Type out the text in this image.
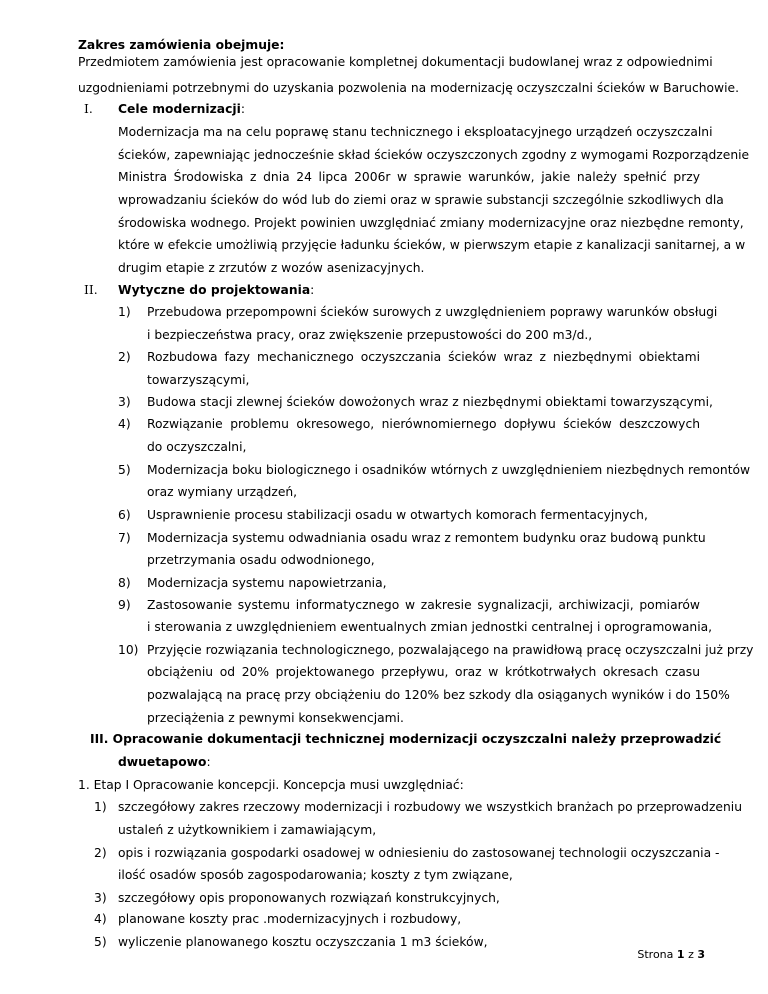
Zakres zamówienia obejmuje:
Przedmiotem zamówienia jest opracowanie kompletnej dokumentacji budowlanej wraz z odpowiednimi
uzgodnieniami potrzebnymi do uzyskania pozwolenia na modernizację oczyszczalni ścieków w Baruchowie.
I. Cele modernizacji:
Modernizacja ma na celu poprawę stanu technicznego i eksploatacyjnego urządzeń oczyszczalni
ścieków, zapewniając jednocześnie skład ścieków oczyszczonych zgodny z wymogami Rozporządzenie
Ministra Środowiska z dnia 24 lipca 2006r w sprawie warunków, jakie należy spełnić przy
wprowadzaniu ścieków do wód lub do ziemi oraz w sprawie substancji szczególnie szkodliwych dla
środowiska wodnego. Projekt powinien uwzględniać zmiany modernizacyjne oraz niezbędne remonty,
które w efekcie umożliwią przyjęcie ładunku ścieków, w pierwszym etapie z kanalizacji sanitarnej, a w
drugim etapie z zrzutów z wozów asenizacyjnych.
II. Wytyczne do projektowania:
1) Przebudowa przepompowni ścieków surowych z uwzględnieniem poprawy warunków obsługi
i bezpieczeństwa pracy, oraz zwiększenie przepustowości do 200 m3/d.,
2) Rozbudowa fazy mechanicznego oczyszczania ścieków wraz z niezbędnymi obiektami
towarzyszącymi,
3) Budowa stacji zlewnej ścieków dowożonych wraz z niezbędnymi obiektami towarzyszącymi,
4) Rozwiązanie problemu okresowego, nierównomiernego dopływu ścieków deszczowych
do oczyszczalni,
5) Modernizacja boku biologicznego i osadników wtórnych z uwzględnieniem niezbędnych remontów
oraz wymiany urządzeń,
6) Usprawnienie procesu stabilizacji osadu w otwartych komorach fermentacyjnych,
7) Modernizacja systemu odwadniania osadu wraz z remontem budynku oraz budową punktu
przetrzymania osadu odwodnionego,
8) Modernizacja systemu napowietrzania,
9) Zastosowanie systemu informatycznego w zakresie sygnalizacji, archiwizacji, pomiarów
i sterowania z uwzględnieniem ewentualnych zmian jednostki centralnej i oprogramowania,
10) Przyjęcie rozwiązania technologicznego, pozwalającego na prawidłową pracę oczyszczalni już przy
obciążeniu od 20% projektowanego przepływu, oraz w krótkotrwałych okresach czasu
pozwalającą na pracę przy obciążeniu do 120% bez szkody dla osiąganych wyników i do 150%
przeciążenia z pewnymi konsekwencjami.
III. Opracowanie dokumentacji technicznej modernizacji oczyszczalni należy przeprowadzić
dwuetapowo:
1. Etap I Opracowanie koncepcji. Koncepcja musi uwzględniać:
1) szczegółowy zakres rzeczowy modernizacji i rozbudowy we wszystkich branżach po przeprowadzeniu
ustaleń z użytkownikiem i zamawiającym,
2) opis i rozwiązania gospodarki osadowej w odniesieniu do zastosowanej technologii oczyszczania -
ilość osadów sposób zagospodarowania; koszty z tym związane,
3) szczegółowy opis proponowanych rozwiązań konstrukcyjnych,
4) planowane koszty prac .modernizacyjnych i rozbudowy,
5) wyliczenie planowanego kosztu oczyszczania 1 m3 ścieków,
Strona 1 z 3
